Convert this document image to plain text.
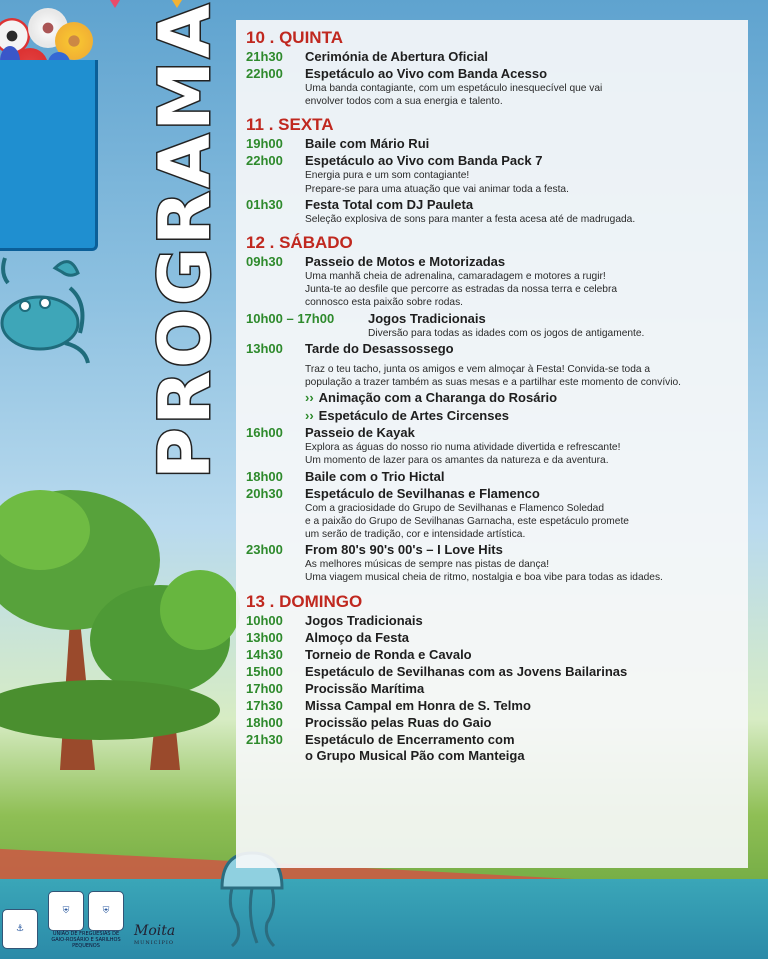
PROGRAMA
⚓
⛨	⛨
UNIÃO DE FREGUESIAS DE GAIO-ROSÁRIO E SARILHOS PEQUENOS
Moita
MUNICÍPIO
10 . QUINTA
21h30	Cerimónia de Abertura Oficial
22h00	Espetáculo ao Vivo com Banda Acesso
Uma banda contagiante, com um espetáculo inesquecível que vai
envolver todos com a sua energia e talento.
11 . SEXTA
19h00	Baile com Mário Rui
22h00	Espetáculo ao Vivo com Banda Pack 7
Energia pura e um som contagiante!
Prepare-se para uma atuação que vai animar toda a festa.
01h30	Festa Total com DJ Pauleta
Seleção explosiva de sons para manter a festa acesa até de madrugada.
12 . SÁBADO
09h30	Passeio de Motos e Motorizadas
Uma manhã cheia de adrenalina, camaradagem e motores a rugir!
Junta-te ao desfile que percorre as estradas da nossa terra e celebra
connosco esta paixão sobre rodas.
10h00 – 17h00	Jogos Tradicionais
Diversão para todas as idades com os jogos de antigamente.
13h00	Tarde do Desassossego
Traz o teu tacho, junta os amigos e vem almoçar à Festa! Convida-se toda a
população a trazer também as suas mesas e a partilhar este momento de convívio.
›› Animação com a Charanga do Rosário
›› Espetáculo de Artes Circenses
16h00	Passeio de Kayak
Explora as águas do nosso rio numa atividade divertida e refrescante!
Um momento de lazer para os amantes da natureza e da aventura.
18h00	Baile com o Trio Hictal
20h30	Espetáculo de Sevilhanas e Flamenco
Com a graciosidade do Grupo de Sevilhanas e Flamenco Soledad
e a paixão do Grupo de Sevilhanas Garnacha, este espetáculo promete
um serão de tradição, cor e intensidade artística.
23h00	From 80's 90's 00's – I Love Hits
As melhores músicas de sempre nas pistas de dança!
Uma viagem musical cheia de ritmo, nostalgia e boa vibe para todas as idades.
13 . DOMINGO
10h00	Jogos Tradicionais
13h00	Almoço da Festa
14h30	Torneio de Ronda e Cavalo
15h00	Espetáculo de Sevilhanas com as Jovens Bailarinas
17h00	Procissão Marítima
17h30	Missa Campal em Honra de S. Telmo
18h00	Procissão pelas Ruas do Gaio
21h30	Espetáculo de Encerramento com
o Grupo Musical Pão com Manteiga
